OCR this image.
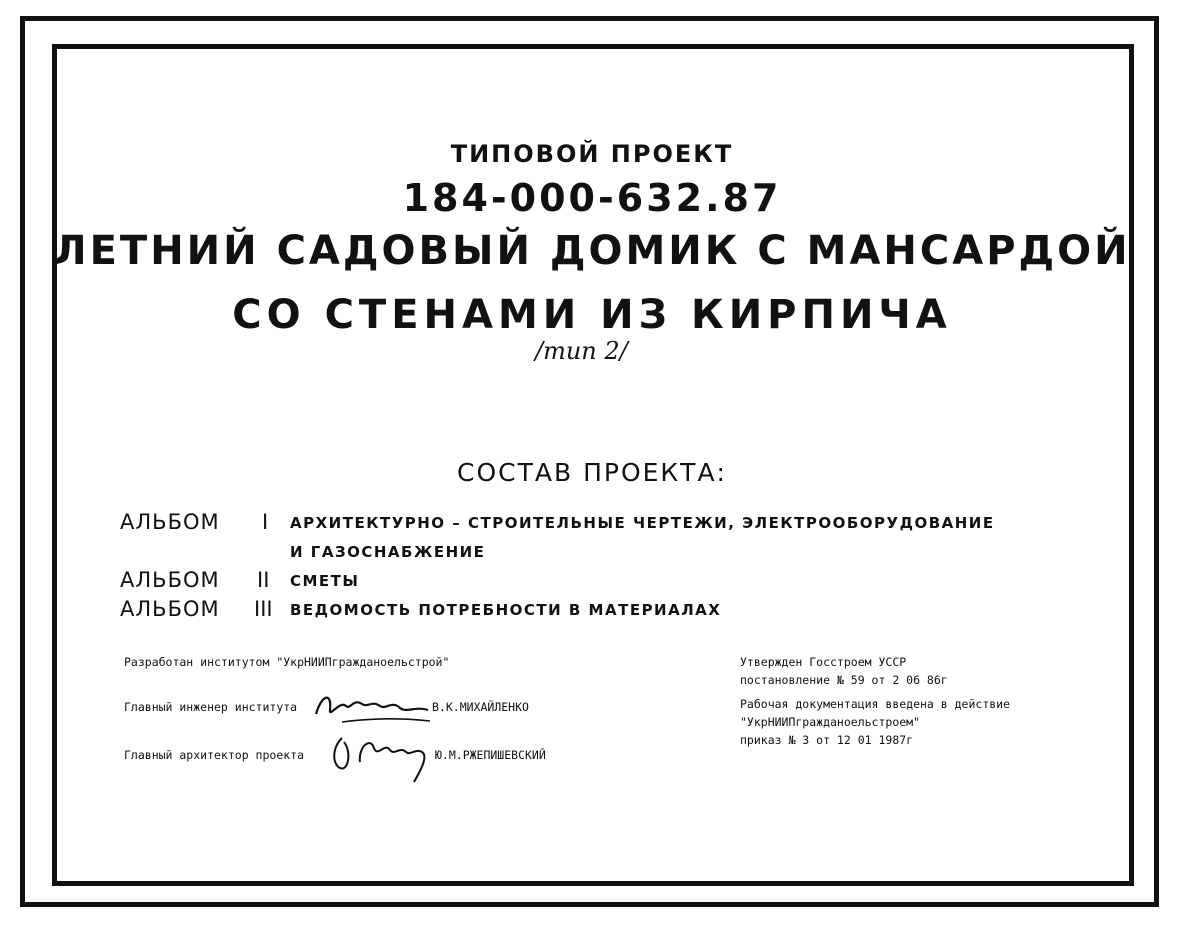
ТИПОВОЙ ПРОЕКТ
184-000-632.87
ЛЕТНИЙ САДОВЫЙ ДОМИК С МАНСАРДОЙ
СО СТЕНАМИ ИЗ КИРПИЧА
/тип 2/
СОСТАВ ПРОЕКТА:
АЛЬБОМ I АРХИТЕКТУРНО – СТРОИТЕЛЬНЫЕ ЧЕРТЕЖИ, ЭЛЕКТРООБОРУДОВАНИЕ
И ГАЗОСНАБЖЕНИЕ
АЛЬБОМ II СМЕТЫ
АЛЬБОМ III ВЕДОМОСТЬ ПОТРЕБНОСТИ В МАТЕРИАЛАХ
Разработан институтом "УкрНИИПгражданоельстрой"
Главный инженер института	В.К.МИХАЙЛЕНКО
Главный архитектор проекта	Ю.М.РЖЕПИШЕВСКИЙ
Утвержден Госстроем УССР
постановление № 59 от 2 06 86г
Рабочая документация введена в действие
"УкрНИИПгражданоельстроем"
приказ № 3 от 12 01 1987г
